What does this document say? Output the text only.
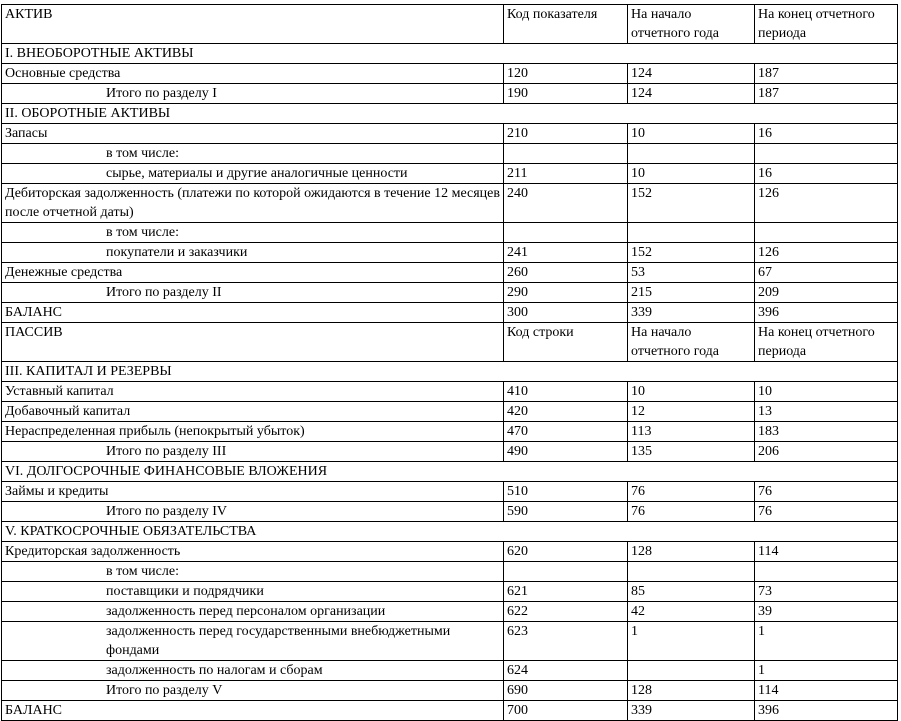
АКТИВ	Код показателя	На начало отчетного года	На конец отчетного периода
I. ВНЕОБОРОТНЫЕ АКТИВЫ			
Основные средства	120	124	187
Итого по разделу I	190	124	187
II. ОБОРОТНЫЕ АКТИВЫ			
Запасы	210	10	16
в том числе:			
сырье, материалы и другие аналогичные ценности	211	10	16
Дебиторская задолженность (платежи по которой ожидаются в течение 12 месяцев после отчетной даты)	240	152	126
в том числе:			
покупатели и заказчики	241	152	126
Денежные средства	260	53	67
Итого по разделу II	290	215	209
БАЛАНС	300	339	396
ПАССИВ	Код строки	На начало отчетного года	На конец отчетного периода
III. КАПИТАЛ И РЕЗЕРВЫ			
Уставный капитал	410	10	10
Добавочный капитал	420	12	13
Нераспределенная прибыль (непокрытый убыток)	470	113	183
Итого по разделу III	490	135	206
VI. ДОЛГОСРОЧНЫЕ ФИНАНСОВЫЕ ВЛОЖЕНИЯ			
Займы и кредиты	510	76	76
Итого по разделу IV	590	76	76
V. КРАТКОСРОЧНЫЕ ОБЯЗАТЕЛЬСТВА			
Кредиторская задолженность	620	128	114
в том числе:			
поставщики и подрядчики	621	85	73
задолженность перед персоналом организации	622	42	39
задолженность перед государственными внебюджетными фондами	623	1	1
задолженность по налогам и сборам	624		1
Итого по разделу V	690	128	114
БАЛАНС	700	339	396
